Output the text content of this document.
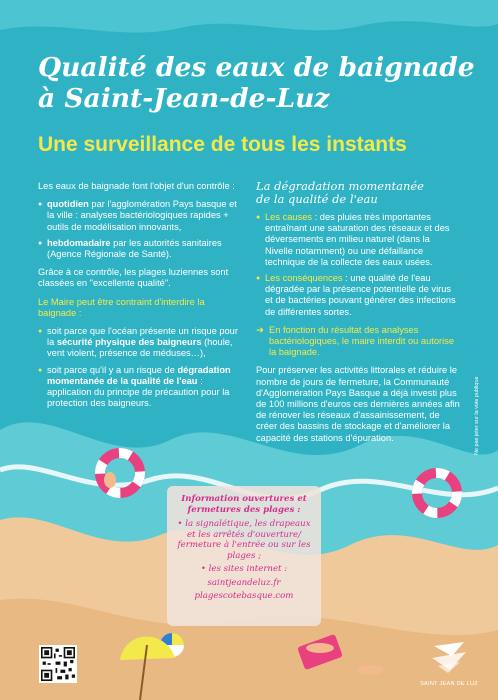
Qualité des eaux de baignade
à Saint-Jean-de-Luz
Une surveillance de tous les instants

Les eaux de baignade font l'objet d'un contrôle :

● quotidien par l'agglomération Pays basque et la ville : analyses bactériologiques rapides + outils de modélisation innovants,
● hebdomadaire par les autorités sanitaires (Agence Régionale de Santé).

Grâce à ce contrôle, les plages luziennes sont classées en "excellente qualité".

Le Maire peut être contraint d'interdire la baignade :

● soit parce que l'océan présente un risque pour la sécurité physique des baigneurs (houle, vent violent, présence de méduses…),
● soit parce qu'il y a un risque de dégradation momentanée de la qualité de l'eau : application du principe de précaution pour la protection des baigneurs.

La dégradation momentanée
de la qualité de l'eau

● Les causes : des pluies très importantes entraînant une saturation des réseaux et des déversements en milieu naturel (dans la Nivelle notamment) ou une défaillance technique de la collecte des eaux usées.
● Les conséquences : une qualité de l'eau dégradée par la présence potentielle de virus et de bactéries pouvant générer des infections de différentes sortes.

➜ En fonction du résultat des analyses bactériologiques, le maire interdit ou autorise la baignade.

Pour préserver les activités littorales et réduire le nombre de jours de fermeture, la Communauté d'Agglomération Pays Basque a déjà investi plus de 100 millions d'euros ces dernières années afin de rénover les réseaux d'assainissement, de créer des bassins de stockage et d'améliorer la capacité des stations d'épuration.	Ne pas jeter sur la voie publique

Information ouvertures et fermetures des plages :

• la signalétique, les drapeaux et les arrêtés d'ouverture/ fermeture à l'entrée ou sur les plages ;

• les sites internet :

saintjeandeluz.fr

plagescotebasque.com

SAINT JEAN DE LUZ
